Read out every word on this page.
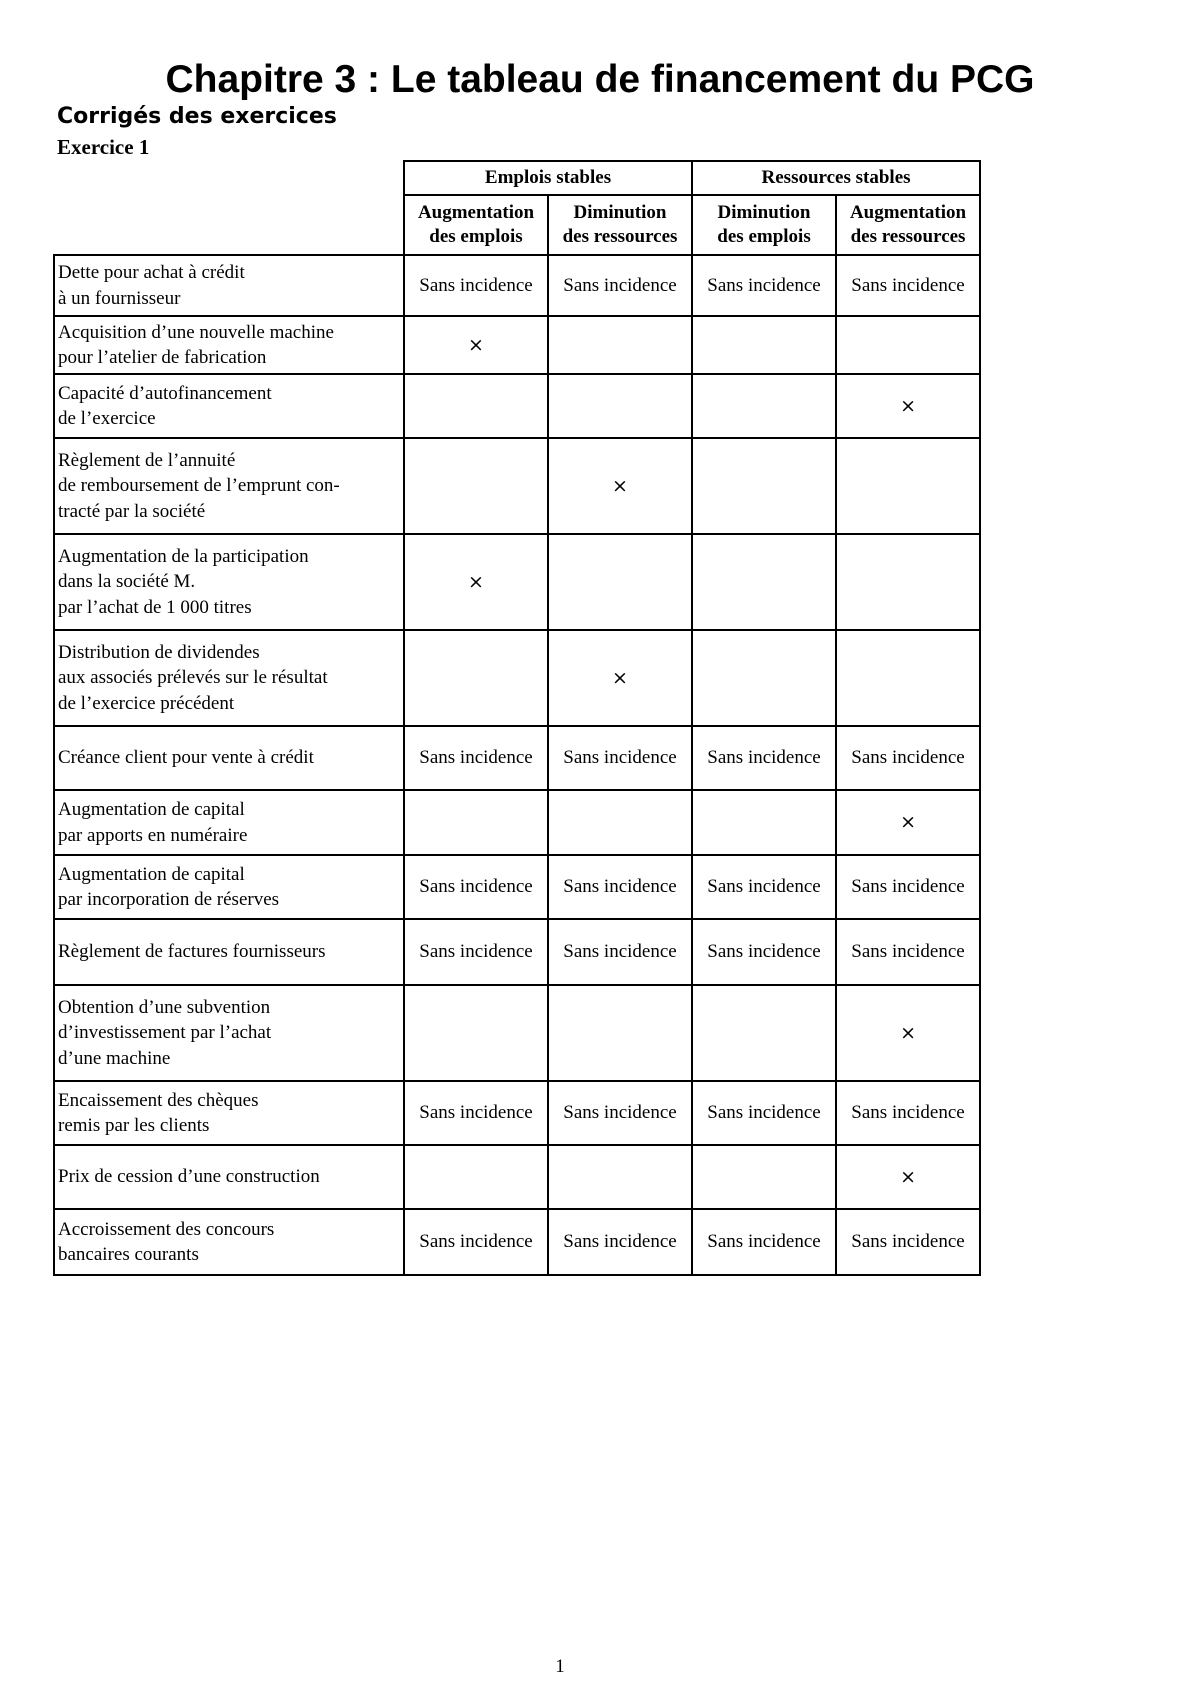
Chapitre 3 : Le tableau de financement du PCG
Corrigés des exercices
Exercice 1
	Emplois stables		Ressources stables	
	Augmentation
des emplois	Diminution
des ressources	Diminution
des emplois	Augmentation
des ressources
Dette pour achat à crédit
à un fournisseur	Sans incidence	Sans incidence	Sans incidence	Sans incidence
Acquisition d’une nouvelle machine
pour l’atelier de fabrication	×			
Capacité d’autofinancement
de l’exercice				×
Règlement de l’annuité
de remboursement de l’emprunt con-
tracté par la société		×		
Augmentation de la participation
dans la société M.
par l’achat de 1 000 titres	×			
Distribution de dividendes
aux associés prélevés sur le résultat
de l’exercice précédent		×		
Créance client pour vente à crédit	Sans incidence	Sans incidence	Sans incidence	Sans incidence
Augmentation de capital
par apports en numéraire				×
Augmentation de capital
par incorporation de réserves	Sans incidence	Sans incidence	Sans incidence	Sans incidence
Règlement de factures fournisseurs	Sans incidence	Sans incidence	Sans incidence	Sans incidence
Obtention d’une subvention
d’investissement par l’achat
d’une machine				×
Encaissement des chèques
remis par les clients	Sans incidence	Sans incidence	Sans incidence	Sans incidence
Prix de cession d’une construction				×
Accroissement des concours
bancaires courants	Sans incidence	Sans incidence	Sans incidence	Sans incidence
1
